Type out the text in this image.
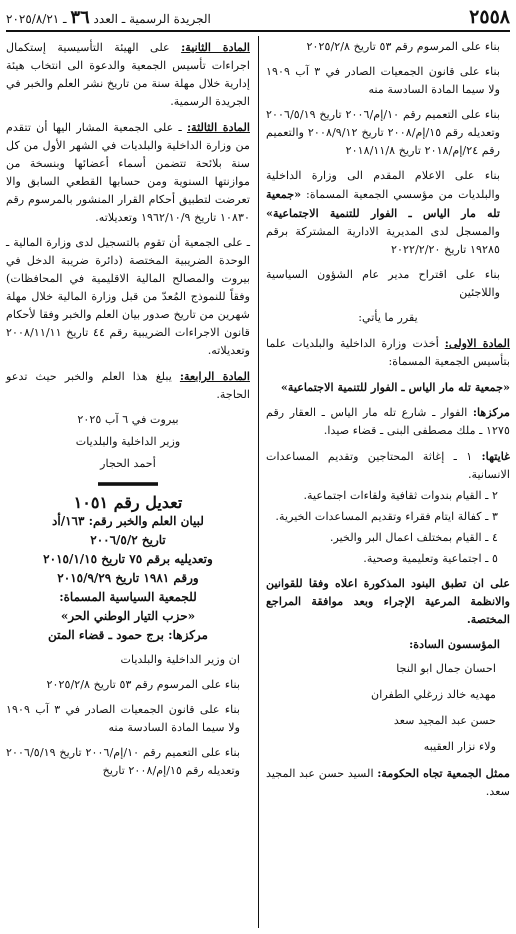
٢٥٥٨
الجريدة الرسمية ـ العدد ٣٦ ـ ٢٠٢٥/٨/٢١

بناء على المرسوم رقم ٥٣ تاريخ ٢٠٢٥/٢/٨

بناء على قانون الجمعيات الصادر في ٣ آب ١٩٠٩ ولا سيما المادة السادسة منه

بناء على التعميم رقم ١٠/إم/٢٠٠٦ تاريخ ٢٠٠٦/٥/١٩ وتعديله رقم ١٥/إم/٢٠٠٨ تاريخ ٢٠٠٨/٩/١٢ والتعميم رقم ٢٤/إم/٢٠١٨ تاريخ ٢٠١٨/١١/٨

بناء على الاعلام المقدم الى وزارة الداخلية والبلديات من مؤسسي الجمعية المسماة: «جمعية تله مار الياس ـ الفوار للتنمية الاجتماعية» والمسجل لدى المديرية الادارية المشتركة برقم ١٩٢٨٥ تاريخ ٢٠٢٢/٢/٢٠

بناء على اقتراح مدير عام الشؤون السياسية واللاجئين

يقرر ما يأتي:

المادة الاولى: أخذت وزارة الداخلية والبلديات علما بتأسيس الجمعية المسماة:

«جمعية تله مار الياس ـ الفوار للتنمية الاجتماعية»

مركزها: الفوار ـ شارع تله مار الياس ـ العقار رقم ١٢٧٥ ـ ملك مصطفى البنى ـ قضاء صيدا.

غايتها: ١ ـ إغاثة المحتاجين وتقديم المساعدات الانسانية.

٢ ـ القيام بندوات ثقافية ولقاءات اجتماعية.
٣ ـ كفالة ايتام فقراء وتقديم المساعدات الخيرية.
٤ ـ القيام بمختلف اعمال البر والخير.
٥ ـ اجتماعية وتعليمية وصحية.

على ان تطبق البنود المذكورة اعلاه وفقا للقوانين والانظمة المرعية الإجراء وبعد موافقة المراجع المختصة.

المؤسسون السادة:

احسان جمال ابو النجا

مهديه خالد زرغلي الطفران

حسن عبد المجيد سعد

ولاء نزار العقيبه

ممثل الجمعية تجاه الحكومة: السيد حسن عبد المجيد سعد.

المادة الثانية: على الهيئة التأسيسية إستكمال اجراءات تأسيس الجمعية والدعوة الى انتخاب هيئة إدارية خلال مهلة سنة من تاريخ نشر العلم والخبر في الجريدة الرسمية.

المادة الثالثة: ـ على الجمعية المشار اليها أن تتقدم من وزارة الداخلية والبلديات في الشهر الأول من كل سنة بلائحة تتضمن أسماء أعضائها وبنسخة من موازنتها السنوية ومن حسابها القطعي السابق والا تعرضت لتطبيق أحكام القرار المنشور بالمرسوم رقم ١٠٨٣٠ تاريخ ١٩٦٢/١٠/٩ وتعديلاته.

ـ على الجمعية أن تقوم بالتسجيل لدى وزارة المالية ـ الوحدة الضريبية المختصة (دائرة ضريبة الدخل في بيروت والمصالح المالية الاقليمية في المحافظات) وفقاً للنموذج المُعدّ من قبل وزارة المالية خلال مهلة شهرين من تاريخ صدور بيان العلم والخبر وفقا لأحكام قانون الاجراءات الضريبية رقم ٤٤ تاريخ ٢٠٠٨/١١/١١ وتعديلاته.

المادة الرابعة: يبلغ هذا العلم والخبر حيث تدعو الحاجة.

بيروت في ٦ آب ٢٠٢٥

وزير الداخلية والبلديات

أحمد الحجار

تعديل رقم ١٠٥١
لبيان العلم والخبر رقم: ١٦٣/أد
تاريخ ٢٠٠٦/٥/٢
وتعديليه برقم ٧٥ تاريخ ٢٠١٥/١/١٥
ورقم ١٩٨١ تاريخ ٢٠١٥/٩/٢٩
للجمعية السياسية المسماة:
«حزب التيار الوطني الحر»
مركزها: برج حمود ـ قضاء المتن

ان وزير الداخلية والبلديات

بناء على المرسوم رقم ٥٣ تاريخ ٢٠٢٥/٢/٨

بناء على قانون الجمعيات الصادر في ٣ آب ١٩٠٩ ولا سيما المادة السادسة منه

بناء على التعميم رقم ١٠/إم/٢٠٠٦ تاريخ ٢٠٠٦/٥/١٩ وتعديله رقم ١٥/إم/٢٠٠٨ تاريخ
